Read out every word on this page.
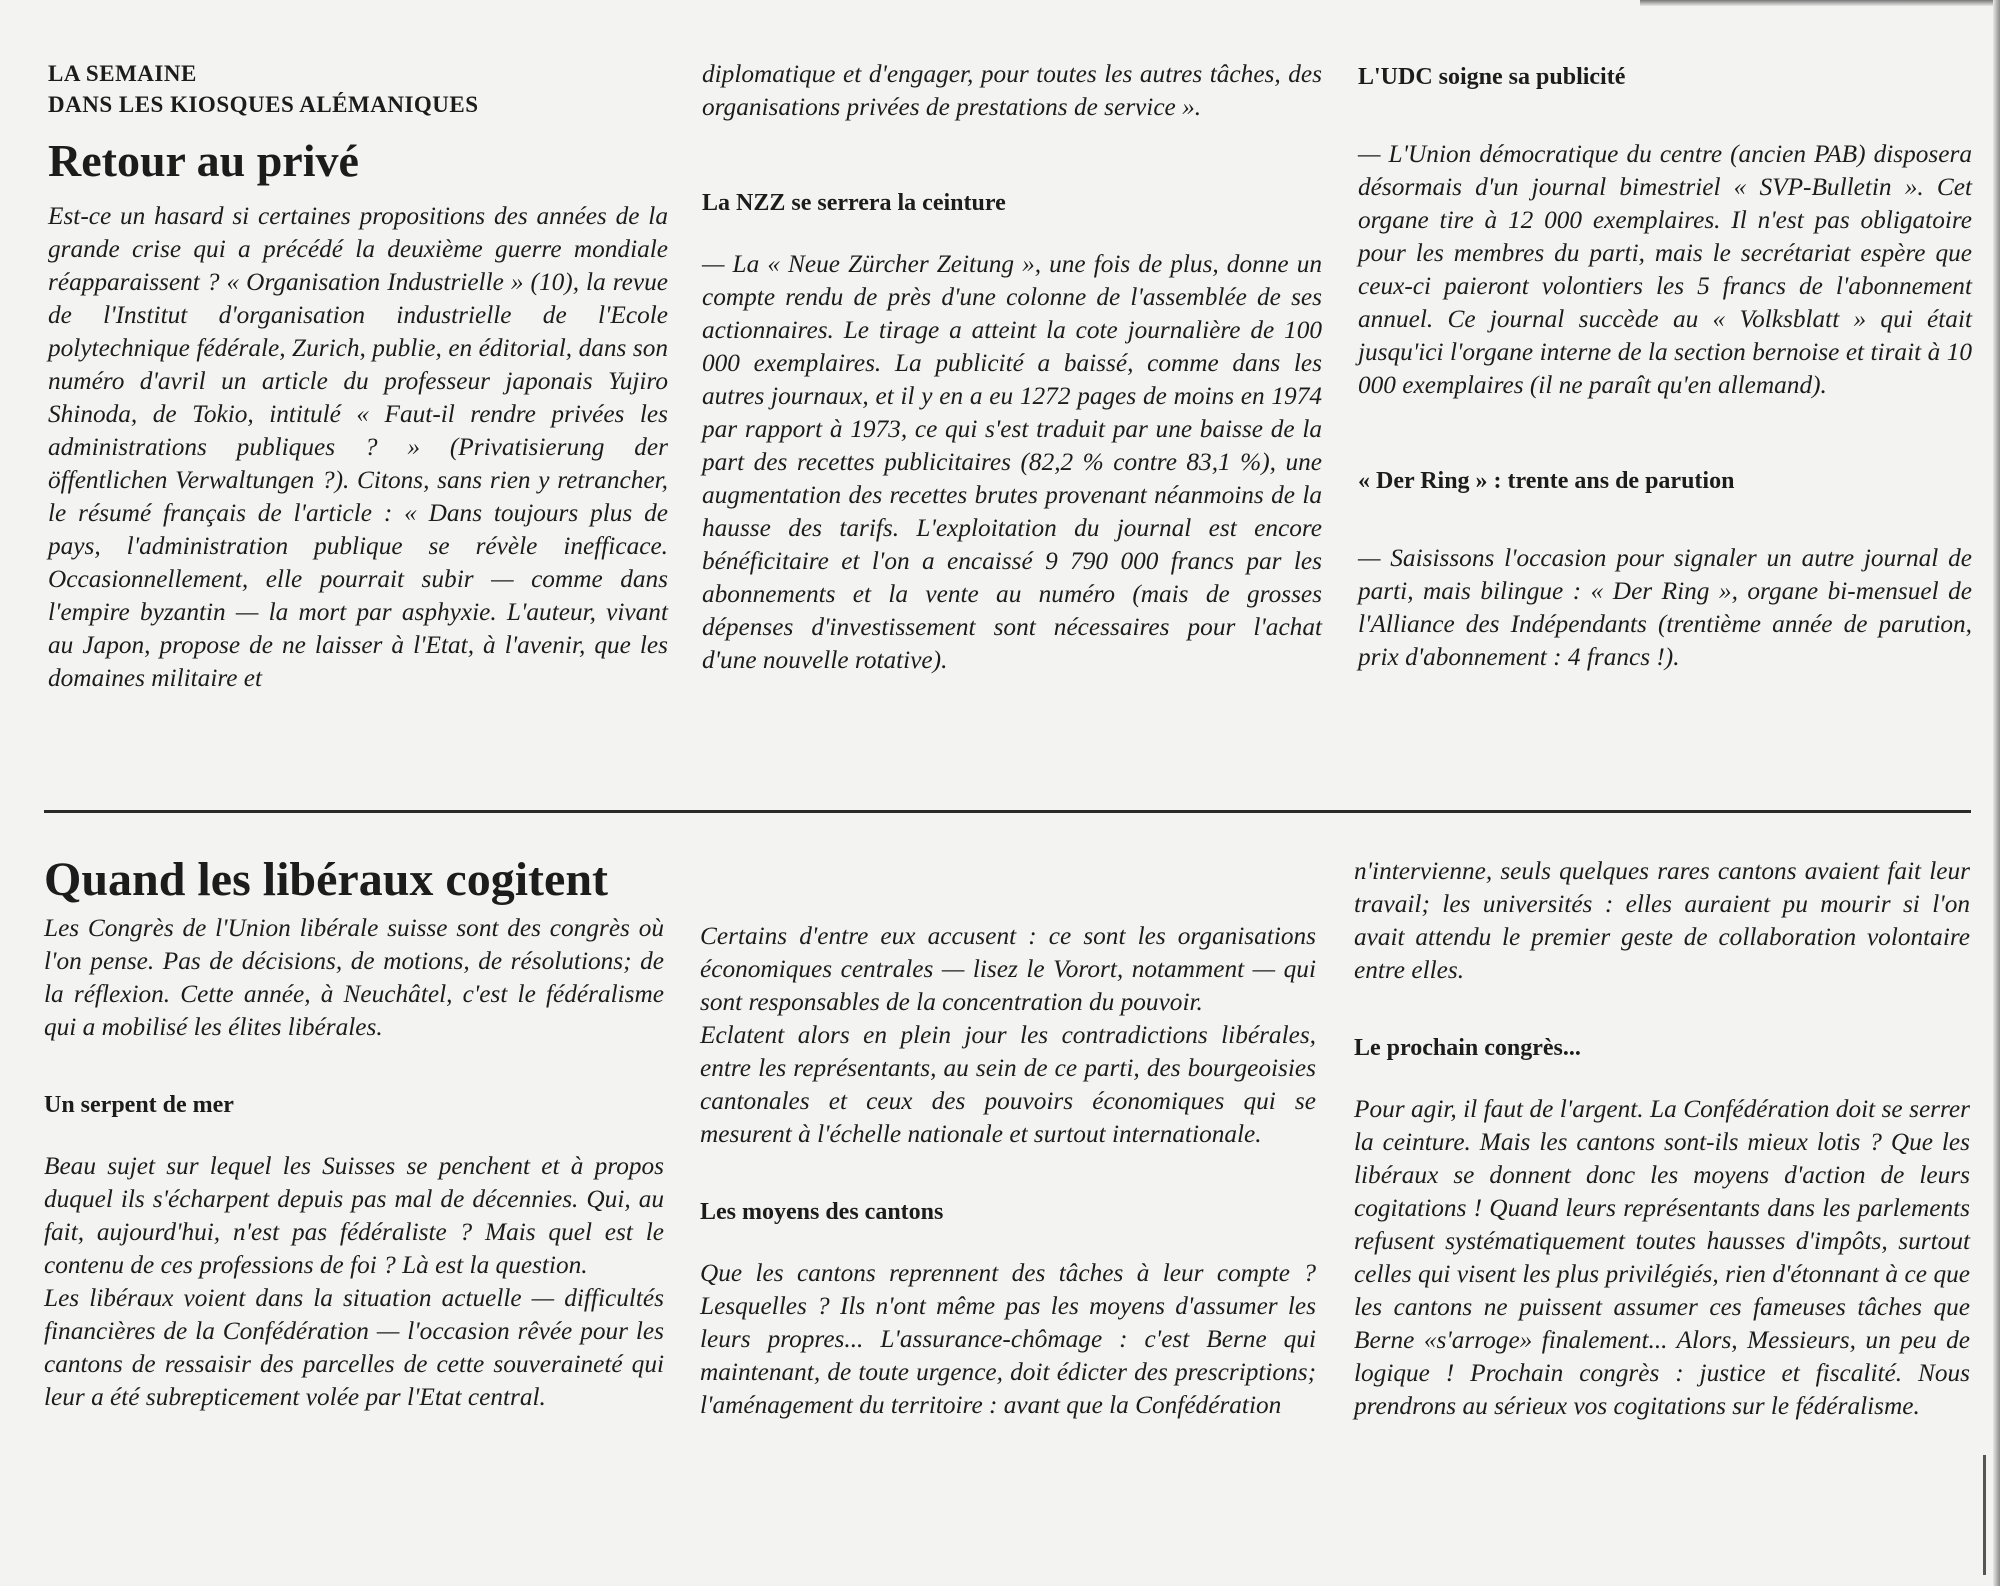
LA SEMAINE
DANS LES KIOSQUES ALÉMANIQUES
Retour au privé

Est-ce un hasard si certaines propositions des années de la grande crise qui a précédé la deuxième guerre mondiale réapparaissent ? « Organisation Industrielle » (10), la revue de l'Institut d'organisation industrielle de l'Ecole polytechnique fédérale, Zurich, publie, en éditorial, dans son numéro d'avril un article du professeur japonais Yujiro Shinoda, de Tokio, intitulé « Faut-il rendre privées les administrations publiques ? » (Privatisierung der öffentlichen Verwaltungen ?). Citons, sans rien y retrancher, le résumé français de l'article : « Dans toujours plus de pays, l'administration publique se révèle inefficace. Occasionnellement, elle pourrait subir — comme dans l'empire byzantin — la mort par asphyxie. L'auteur, vivant au Japon, propose de ne laisser à l'Etat, à l'avenir, que les domaines militaire et

diplomatique et d'engager, pour toutes les autres tâches, des organisations privées de prestations de service ».

La NZZ se serrera la ceinture

— La « Neue Zürcher Zeitung », une fois de plus, donne un compte rendu de près d'une colonne de l'assemblée de ses actionnaires. Le tirage a atteint la cote journalière de 100 000 exemplaires. La publicité a baissé, comme dans les autres journaux, et il y en a eu 1272 pages de moins en 1974 par rapport à 1973, ce qui s'est traduit par une baisse de la part des recettes publicitaires (82,2 % contre 83,1 %), une augmentation des recettes brutes provenant néanmoins de la hausse des tarifs. L'exploitation du journal est encore bénéficitaire et l'on a encaissé 9 790 000 francs par les abonnements et la vente au numéro (mais de grosses dépenses d'investissement sont nécessaires pour l'achat d'une nouvelle rotative).

L'UDC soigne sa publicité

— L'Union démocratique du centre (ancien PAB) disposera désormais d'un journal bimestriel « SVP-Bulletin ». Cet organe tire à 12 000 exemplaires. Il n'est pas obligatoire pour les membres du parti, mais le secrétariat espère que ceux-ci paieront volontiers les 5 francs de l'abonnement annuel. Ce journal succède au « Volksblatt » qui était jusqu'ici l'organe interne de la section bernoise et tirait à 10 000 exemplaires (il ne paraît qu'en allemand).

« Der Ring » : trente ans de parution

— Saisissons l'occasion pour signaler un autre journal de parti, mais bilingue : « Der Ring », organe bi-mensuel de l'Alliance des Indépendants (trentième année de parution, prix d'abonnement : 4 francs !).

Quand les libéraux cogitent

Les Congrès de l'Union libérale suisse sont des congrès où l'on pense. Pas de décisions, de motions, de résolutions; de la réflexion. Cette année, à Neuchâtel, c'est le fédéralisme qui a mobilisé les élites libérales.

Un serpent de mer

Beau sujet sur lequel les Suisses se penchent et à propos duquel ils s'écharpent depuis pas mal de décennies. Qui, au fait, aujourd'hui, n'est pas fédéraliste ? Mais quel est le contenu de ces professions de foi ? Là est la question.

Les libéraux voient dans la situation actuelle — difficultés financières de la Confédération — l'occasion rêvée pour les cantons de ressaisir des parcelles de cette souveraineté qui leur a été subrepticement volée par l'Etat central.

Certains d'entre eux accusent : ce sont les organisations économiques centrales — lisez le Vorort, notamment — qui sont responsables de la concentration du pouvoir.

Eclatent alors en plein jour les contradictions libérales, entre les représentants, au sein de ce parti, des bourgeoisies cantonales et ceux des pouvoirs économiques qui se mesurent à l'échelle nationale et surtout internationale.

Les moyens des cantons

Que les cantons reprennent des tâches à leur compte ? Lesquelles ? Ils n'ont même pas les moyens d'assumer les leurs propres... L'assurance-chômage : c'est Berne qui maintenant, de toute urgence, doit édicter des prescriptions; l'aménagement du territoire : avant que la Confédération

n'intervienne, seuls quelques rares cantons avaient fait leur travail; les universités : elles auraient pu mourir si l'on avait attendu le premier geste de collaboration volontaire entre elles.

Le prochain congrès...

Pour agir, il faut de l'argent. La Confédération doit se serrer la ceinture. Mais les cantons sont-ils mieux lotis ? Que les libéraux se donnent donc les moyens d'action de leurs cogitations ! Quand leurs représentants dans les parlements refusent systématiquement toutes hausses d'impôts, surtout celles qui visent les plus privilégiés, rien d'étonnant à ce que les cantons ne puissent assumer ces fameuses tâches que Berne «s'arroge» finalement... Alors, Messieurs, un peu de logique ! Prochain congrès : justice et fiscalité. Nous prendrons au sérieux vos cogitations sur le fédéralisme.
